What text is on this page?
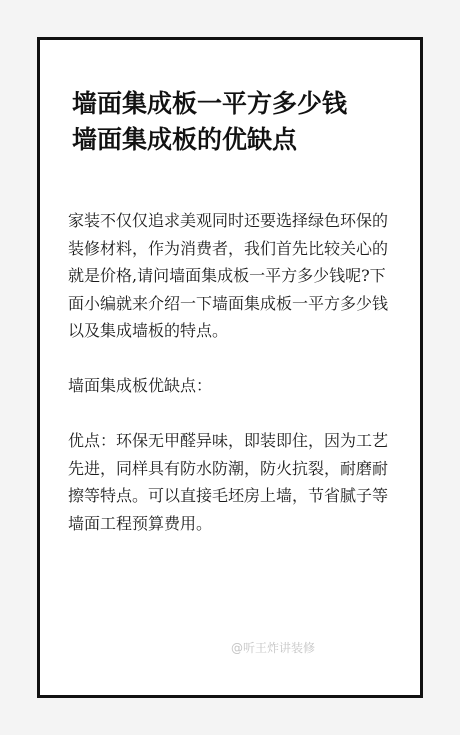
墙面集成板一平方多少钱
墙面集成板的优缺点

家装不仅仅追求美观同时还要选择绿色环保的装修材料，作为消费者，我们首先比较关心的就是价格,请问墙面集成板一平方多少钱呢?下面小编就来介绍一下墙面集成板一平方多少钱以及集成墙板的特点。

墙面集成板优缺点：

优点：环保无甲醛异味，即装即住，因为工艺先进，同样具有防水防潮，防火抗裂，耐磨耐擦等特点。可以直接毛坯房上墙，节省腻子等墙面工程预算费用。

@听王炸讲装修
